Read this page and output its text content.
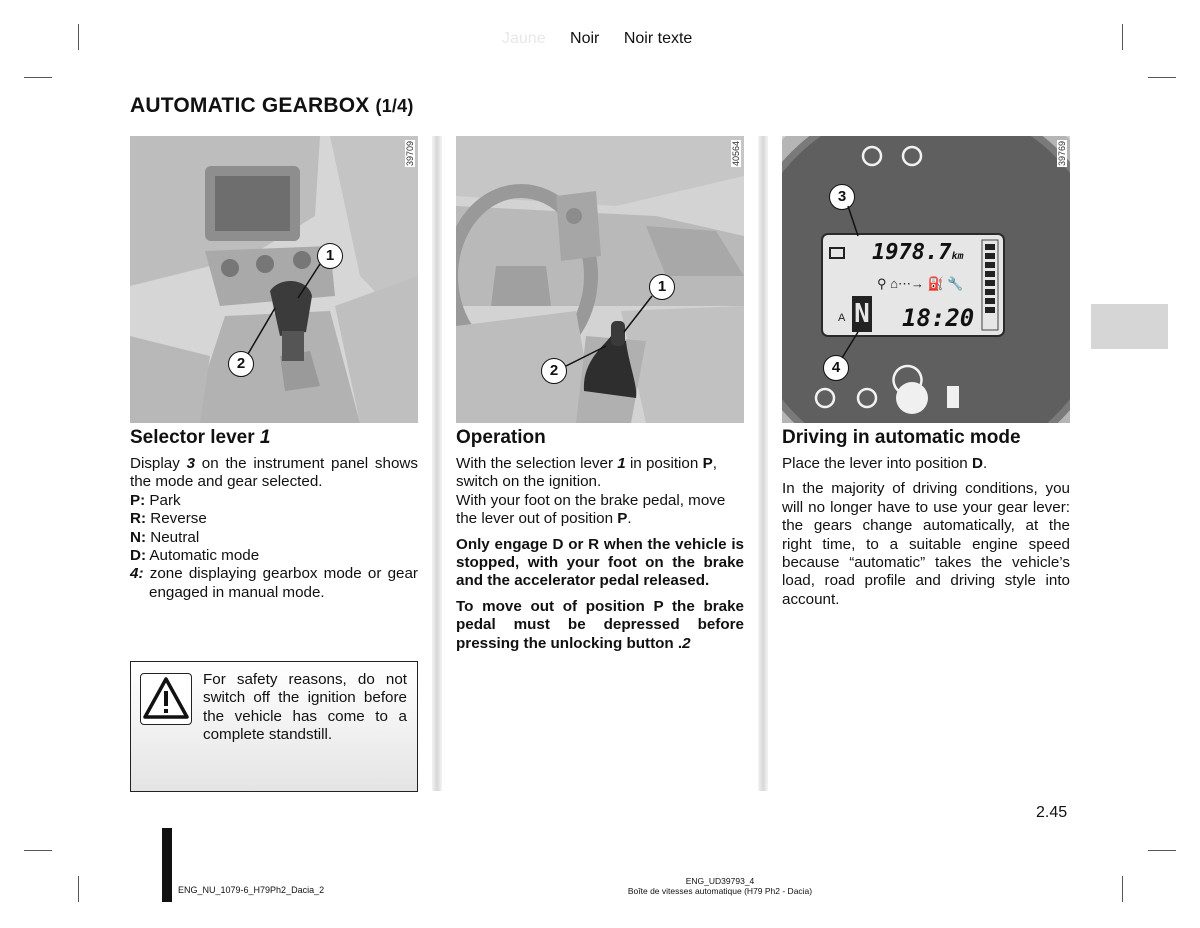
Jaune Noir Noir texte
AUTOMATIC GEARBOX (1/4)
39709
1
2
Selector lever 1

Display 3 on the instrument panel shows the mode and gear selected.

P: Park
R: Reverse
N: Neutral
D: Automatic mode
4: zone displaying gearbox mode or gear engaged in manual mode.
For safety reasons, do not switch off the ignition before the vehicle has come to a complete standstill.
40564
1
2
Operation

With the selection lever 1 in position P, switch on the ignition.

With your foot on the brake pedal, move the lever out of position P.

Only engage D or R when the vehicle is stopped, with your foot on the brake and the accelerator pedal released.

To move out of position P the brake pedal must be depressed before pressing the unlocking button .2

A
39769
1978.7km
⚲ ⌂⋯→ ⛽ 🔧
N 18:20
3
4
Driving in automatic mode

Place the lever into position D.

In the majority of driving conditions, you will no longer have to use your gear lever: the gears change automatically, at the right time, to a suitable engine speed because “automatic” takes the vehicle’s load, road profile and driving style into account.

2.45
ENG_NU_1079-6_H79Ph2_Dacia_2
ENG_UD39793_4
Boîte de vitesses automatique (H79 Ph2 - Dacia)
